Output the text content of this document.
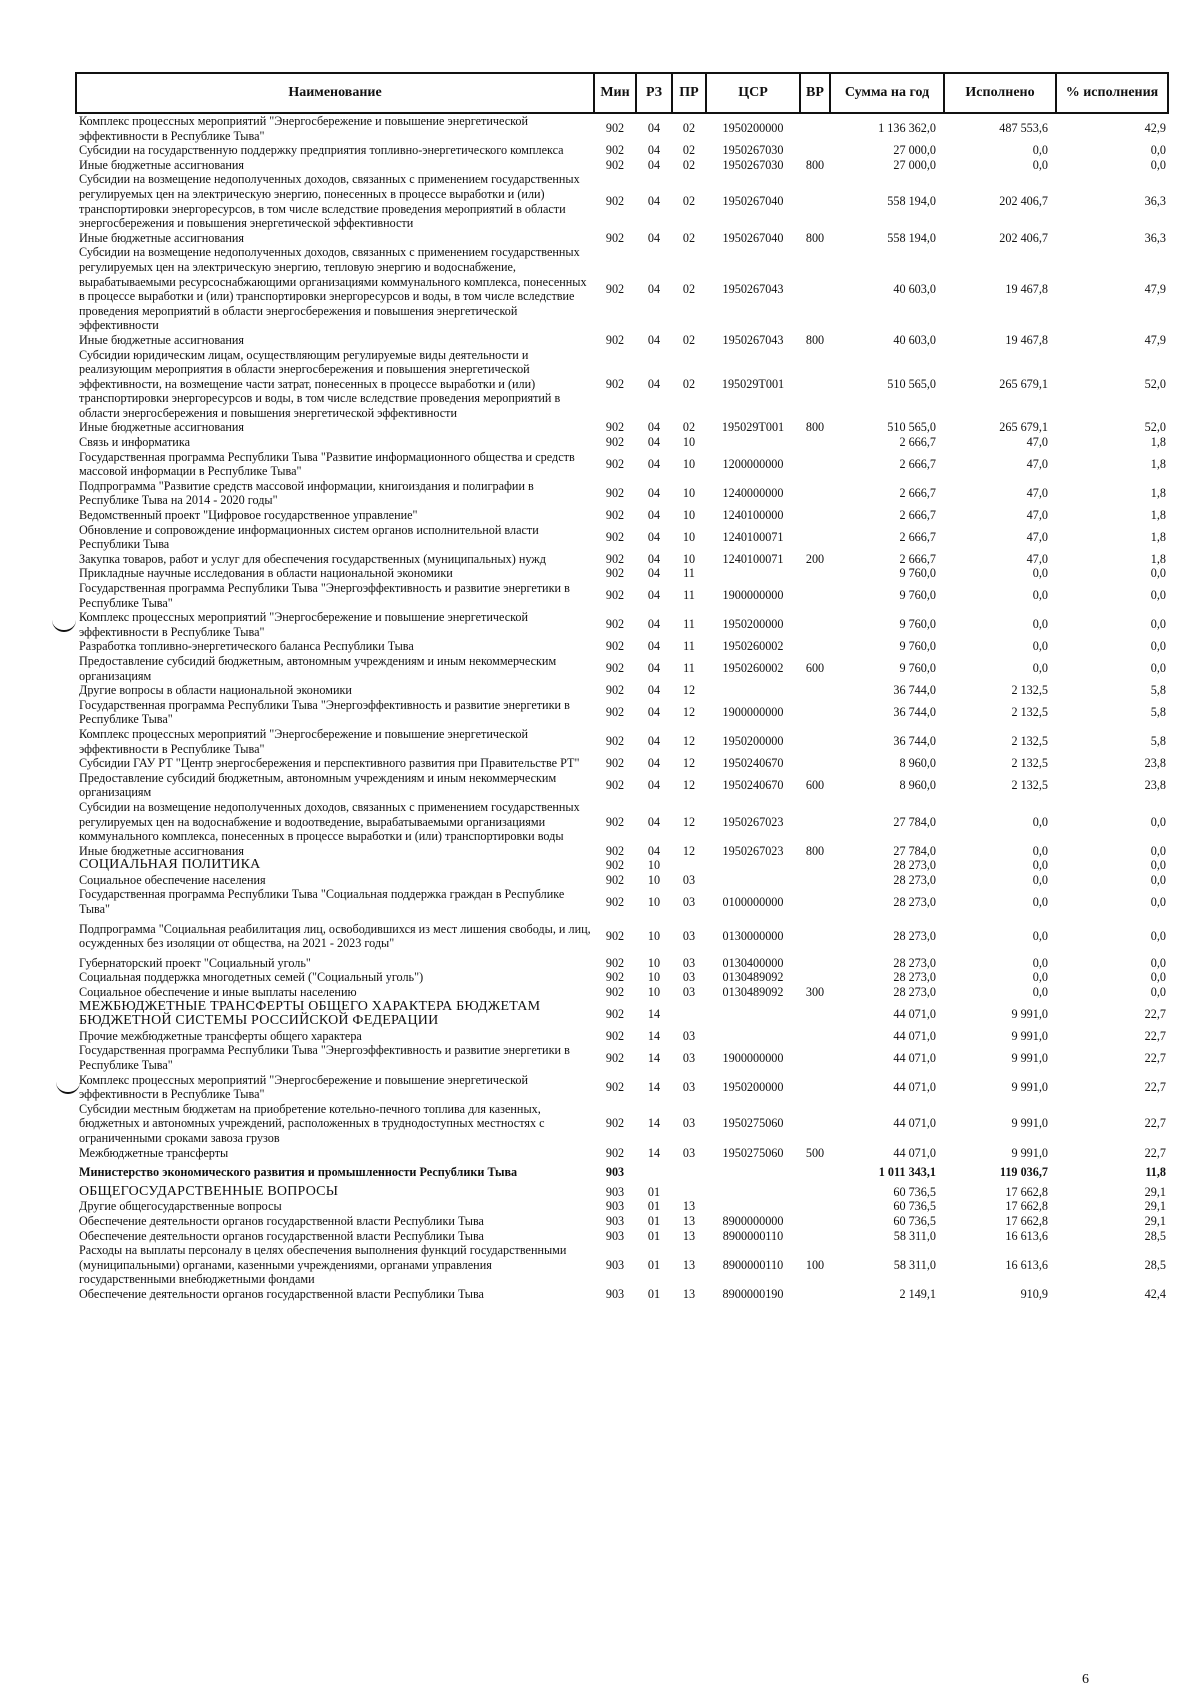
Наименование	Мин	РЗ	ПР	ЦСР	ВР	Сумма на год	Исполнено	% исполнения
Комплекс процессных мероприятий "Энергосбережение и повышение энергетической эффективности в Республике Тыва"	902	04	02	1950200000		1 136 362,0	487 553,6	42,9
Субсидии на государственную поддержку предприятия топливно-энергетического комплекса	902	04	02	1950267030		27 000,0	0,0	0,0
Иные бюджетные ассигнования	902	04	02	1950267030	800	27 000,0	0,0	0,0
Субсидии на возмещение недополученных доходов, связанных с применением государственных регулируемых цен на электрическую энергию, понесенных в процессе выработки и (или) транспортировки энергоресурсов, в том числе вследствие проведения мероприятий в области энергосбережения и повышения энергетической эффективности	902	04	02	1950267040		558 194,0	202 406,7	36,3
Иные бюджетные ассигнования	902	04	02	1950267040	800	558 194,0	202 406,7	36,3
Субсидии на возмещение недополученных доходов, связанных с применением государственных регулируемых цен на электрическую энергию, тепловую энергию и водоснабжение, вырабатываемыми ресурсоснабжающими организациями коммунального комплекса, понесенных в процессе выработки и (или) транспортировки энергоресурсов и воды, в том числе вследствие проведения мероприятий в области энергосбережения и повышения энергетической эффективности	902	04	02	1950267043		40 603,0	19 467,8	47,9
Иные бюджетные ассигнования	902	04	02	1950267043	800	40 603,0	19 467,8	47,9
Субсидии юридическим лицам, осуществляющим регулируемые виды деятельности и реализующим мероприятия в области энергосбережения и повышения энергетической эффективности, на возмещение части затрат, понесенных в процессе выработки и (или) транспортировки энергоресурсов и воды, в том числе вследствие проведения мероприятий в области энергосбережения и повышения энергетической эффективности	902	04	02	195029Т001		510 565,0	265 679,1	52,0
Иные бюджетные ассигнования	902	04	02	195029Т001	800	510 565,0	265 679,1	52,0
Связь и информатика	902	04	10			2 666,7	47,0	1,8
Государственная программа Республики Тыва "Развитие информационного общества и средств массовой информации в Республике Тыва"	902	04	10	1200000000		2 666,7	47,0	1,8
Подпрограмма "Развитие средств массовой информации, книгоиздания и полиграфии в Республике Тыва на 2014 - 2020 годы"	902	04	10	1240000000		2 666,7	47,0	1,8
Ведомственный проект "Цифровое государственное управление"	902	04	10	1240100000		2 666,7	47,0	1,8
Обновление и сопровождение информационных систем органов исполнительной власти Республики Тыва	902	04	10	1240100071		2 666,7	47,0	1,8
Закупка товаров, работ и услуг для обеспечения государственных (муниципальных) нужд	902	04	10	1240100071	200	2 666,7	47,0	1,8
Прикладные научные исследования в области национальной экономики	902	04	11			9 760,0	0,0	0,0
Государственная программа Республики Тыва "Энергоэффективность и развитие энергетики в Республике Тыва"	902	04	11	1900000000		9 760,0	0,0	0,0
Комплекс процессных мероприятий "Энергосбережение и повышение энергетической эффективности в Республике Тыва"	902	04	11	1950200000		9 760,0	0,0	0,0
Разработка топливно-энергетического баланса Республики Тыва	902	04	11	1950260002		9 760,0	0,0	0,0
Предоставление субсидий бюджетным, автономным учреждениям и иным некоммерческим организациям	902	04	11	1950260002	600	9 760,0	0,0	0,0
Другие вопросы в области национальной экономики	902	04	12			36 744,0	2 132,5	5,8
Государственная программа Республики Тыва "Энергоэффективность и развитие энергетики в Республике Тыва"	902	04	12	1900000000		36 744,0	2 132,5	5,8
Комплекс процессных мероприятий "Энергосбережение и повышение энергетической эффективности в Республике Тыва"	902	04	12	1950200000		36 744,0	2 132,5	5,8
Субсидии ГАУ РТ "Центр энергосбережения и перспективного развития при Правительстве РТ"	902	04	12	1950240670		8 960,0	2 132,5	23,8
Предоставление субсидий бюджетным, автономным учреждениям и иным некоммерческим организациям	902	04	12	1950240670	600	8 960,0	2 132,5	23,8
Субсидии на возмещение недополученных доходов, связанных с применением государственных регулируемых цен на водоснабжение и водоотведение, вырабатываемыми организациями коммунального комплекса, понесенных в процессе выработки и (или) транспортировки воды	902	04	12	1950267023		27 784,0	0,0	0,0
Иные бюджетные ассигнования	902	04	12	1950267023	800	27 784,0	0,0	0,0
СОЦИАЛЬНАЯ ПОЛИТИКА	902	10				28 273,0	0,0	0,0
Социальное обеспечение населения	902	10	03			28 273,0	0,0	0,0
Государственная программа Республики Тыва "Социальная поддержка граждан в Республике Тыва"	902	10	03	0100000000		28 273,0	0,0	0,0
Подпрограмма "Социальная реабилитация лиц, освободившихся из мест лишения свободы, и лиц, осужденных без изоляции от общества, на 2021 - 2023 годы"	902	10	03	0130000000		28 273,0	0,0	0,0
Губернаторский проект "Социальный уголь"	902	10	03	0130400000		28 273,0	0,0	0,0
Социальная поддержка многодетных семей ("Социальный уголь")	902	10	03	0130489092		28 273,0	0,0	0,0
Социальное обеспечение и иные выплаты населению	902	10	03	0130489092	300	28 273,0	0,0	0,0
МЕЖБЮДЖЕТНЫЕ ТРАНСФЕРТЫ ОБЩЕГО ХАРАКТЕРА БЮДЖЕТАМ БЮДЖЕТНОЙ СИСТЕМЫ РОССИЙСКОЙ ФЕДЕРАЦИИ	902	14				44 071,0	9 991,0	22,7
Прочие межбюджетные трансферты общего характера	902	14	03			44 071,0	9 991,0	22,7
Государственная программа Республики Тыва "Энергоэффективность и развитие энергетики в Республике Тыва"	902	14	03	1900000000		44 071,0	9 991,0	22,7
Комплекс процессных мероприятий "Энергосбережение и повышение энергетической эффективности в Республике Тыва"	902	14	03	1950200000		44 071,0	9 991,0	22,7
Субсидии местным бюджетам на приобретение котельно-печного топлива для казенных, бюджетных и автономных учреждений, расположенных в труднодоступных местностях с ограниченными сроками завоза грузов	902	14	03	1950275060		44 071,0	9 991,0	22,7
Межбюджетные трансферты	902	14	03	1950275060	500	44 071,0	9 991,0	22,7
Министерство экономического развития и промышленности Республики Тыва	903					1 011 343,1	119 036,7	11,8
ОБЩЕГОСУДАРСТВЕННЫЕ ВОПРОСЫ	903	01				60 736,5	17 662,8	29,1
Другие общегосударственные вопросы	903	01	13			60 736,5	17 662,8	29,1
Обеспечение деятельности органов государственной власти Республики Тыва	903	01	13	8900000000		60 736,5	17 662,8	29,1
Обеспечение деятельности органов государственной власти Республики Тыва	903	01	13	8900000110		58 311,0	16 613,6	28,5
Расходы на выплаты персоналу в целях обеспечения выполнения функций государственными (муниципальными) органами, казенными учреждениями, органами управления государственными внебюджетными фондами	903	01	13	8900000110	100	58 311,0	16 613,6	28,5
Обеспечение деятельности органов государственной власти Республики Тыва	903	01	13	8900000190		2 149,1	910,9	42,4
6
